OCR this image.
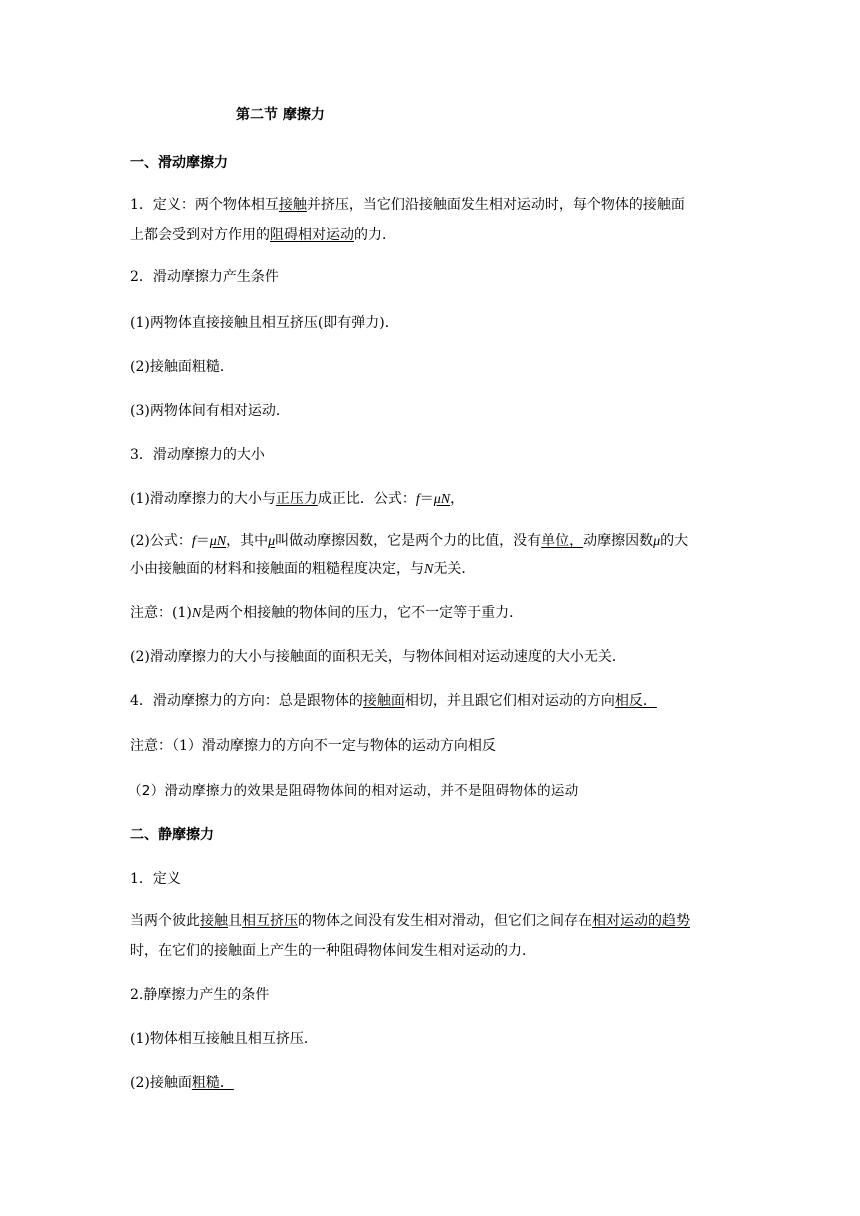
第二节 摩擦力
一、滑动摩擦力
1．定义：两个物体相互接触并挤压，当它们沿接触面发生相对运动时，每个物体的接触面
上都会受到对方作用的阻碍相对运动的力．
2．滑动摩擦力产生条件
(1)两物体直接接触且相互挤压(即有弹力)．
(2)接触面粗糙．
(3)两物体间有相对运动．
3．滑动摩擦力的大小
(1)滑动摩擦力的大小与正压力成正比．公式：f＝μN，
(2)公式：f＝μN，其中μ叫做动摩擦因数，它是两个力的比值，没有单位，动摩擦因数μ的大
小由接触面的材料和接触面的粗糙程度决定，与N无关．
注意：(1)N是两个相接触的物体间的压力，它不一定等于重力．
(2)滑动摩擦力的大小与接触面的面积无关，与物体间相对运动速度的大小无关．
4．滑动摩擦力的方向：总是跟物体的接触面相切，并且跟它们相对运动的方向相反．
注意：（1）滑动摩擦力的方向不一定与物体的运动方向相反
（2）滑动摩擦力的效果是阻碍物体间的相对运动，并不是阻碍物体的运动
二、静摩擦力
1．定义
当两个彼此接触且相互挤压的物体之间没有发生相对滑动，但它们之间存在相对运动的趋势
时，在它们的接触面上产生的一种阻碍物体间发生相对运动的力．
2.静摩擦力产生的条件
(1)物体相互接触且相互挤压．
(2)接触面粗糙．
